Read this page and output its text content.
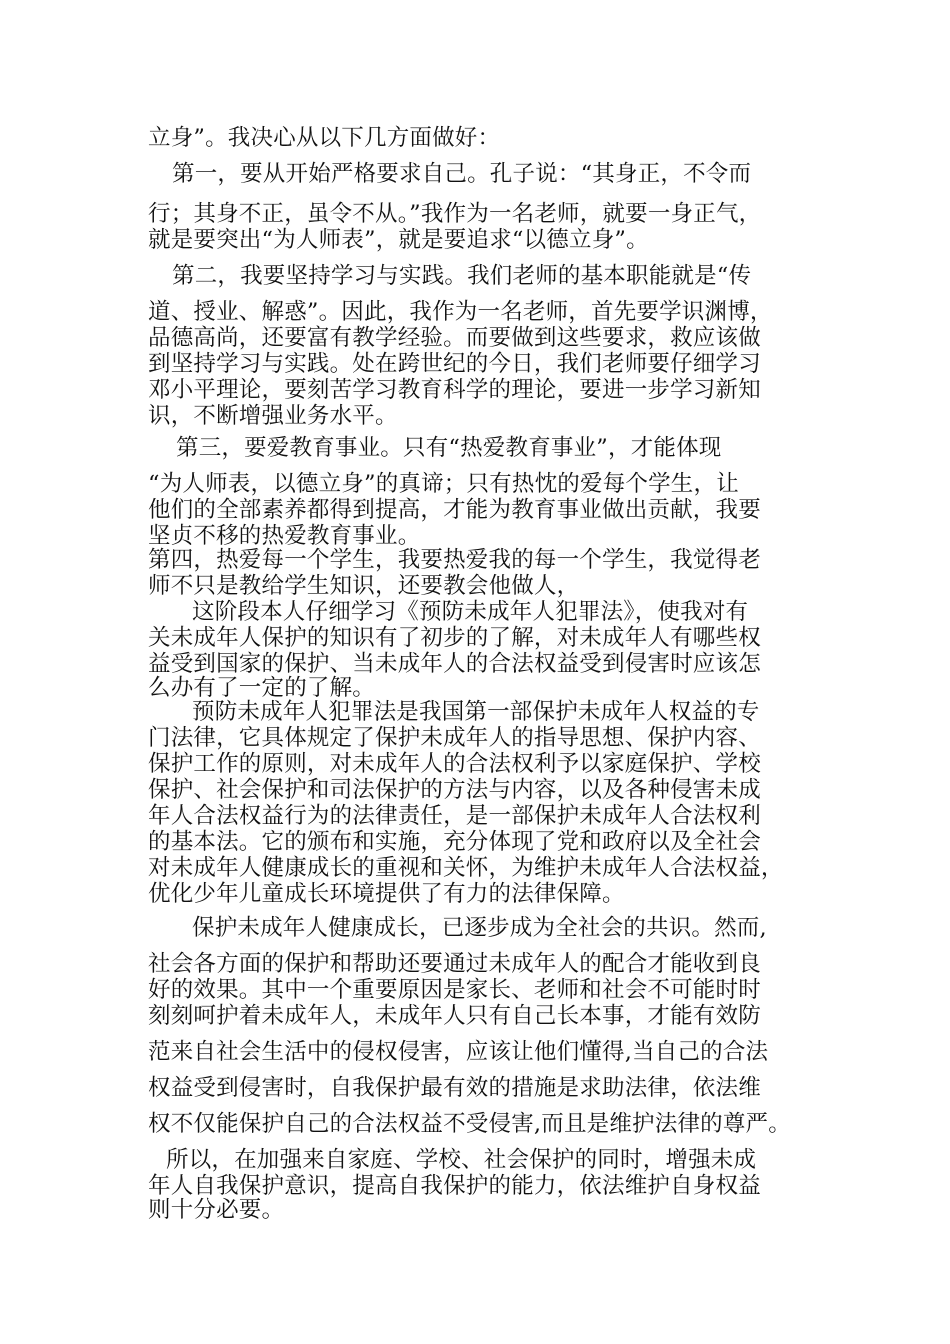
立身”。我决心从以下几方面做好：
第一，要从开始严格要求自己。孔子说：“其身正，不令而
行；其身不正，虽令不从。”我作为一名老师，就要一身正气，
就是要突出“为人师表”，就是要追求“以德立身”。
第二，我要坚持学习与实践。我们老师的基本职能就是“传
道、授业、解惑”。因此，我作为一名老师，首先要学识渊博，
品德高尚，还要富有教学经验。而要做到这些要求，救应该做
到坚持学习与实践。处在跨世纪的今日，我们老师要仔细学习
邓小平理论，要刻苦学习教育科学的理论，要进一步学习新知
识，不断增强业务水平。
第三，要爱教育事业。只有“热爱教育事业”，才能体现
“为人师表，以德立身”的真谛；只有热忱的爱每个学生，让
他们的全部素养都得到提高，才能为教育事业做出贡献，我要
坚贞不移的热爱教育事业。
第四，热爱每一个学生，我要热爱我的每一个学生，我觉得老
师不只是教给学生知识，还要教会他做人，
这阶段本人仔细学习《预防未成年人犯罪法》，使我对有
关未成年人保护的知识有了初步的了解，对未成年人有哪些权
益受到国家的保护、当未成年人的合法权益受到侵害时应该怎
么办有了一定的了解。
预防未成年人犯罪法是我国第一部保护未成年人权益的专
门法律，它具体规定了保护未成年人的指导思想、保护内容、
保护工作的原则，对未成年人的合法权利予以家庭保护、学校
保护、社会保护和司法保护的方法与内容，以及各种侵害未成
年人合法权益行为的法律责任，是一部保护未成年人合法权利
的基本法。它的颁布和实施，充分体现了党和政府以及全社会
对未成年人健康成长的重视和关怀，为维护未成年人合法权益，
优化少年儿童成长环境提供了有力的法律保障。
保护未成年人健康成长，已逐步成为全社会的共识。然而,
社会各方面的保护和帮助还要通过未成年人的配合才能收到良
好的效果。其中一个重要原因是家长、老师和社会不可能时时
刻刻呵护着未成年人，未成年人只有自己长本事，才能有效防
范来自社会生活中的侵权侵害，应该让他们懂得,当自己的合法
权益受到侵害时，自我保护最有效的措施是求助法律，依法维
权不仅能保护自己的合法权益不受侵害,而且是维护法律的尊严。
所以，在加强来自家庭、学校、社会保护的同时，增强未成
年人自我保护意识，提高自我保护的能力，依法维护自身权益
则十分必要。
